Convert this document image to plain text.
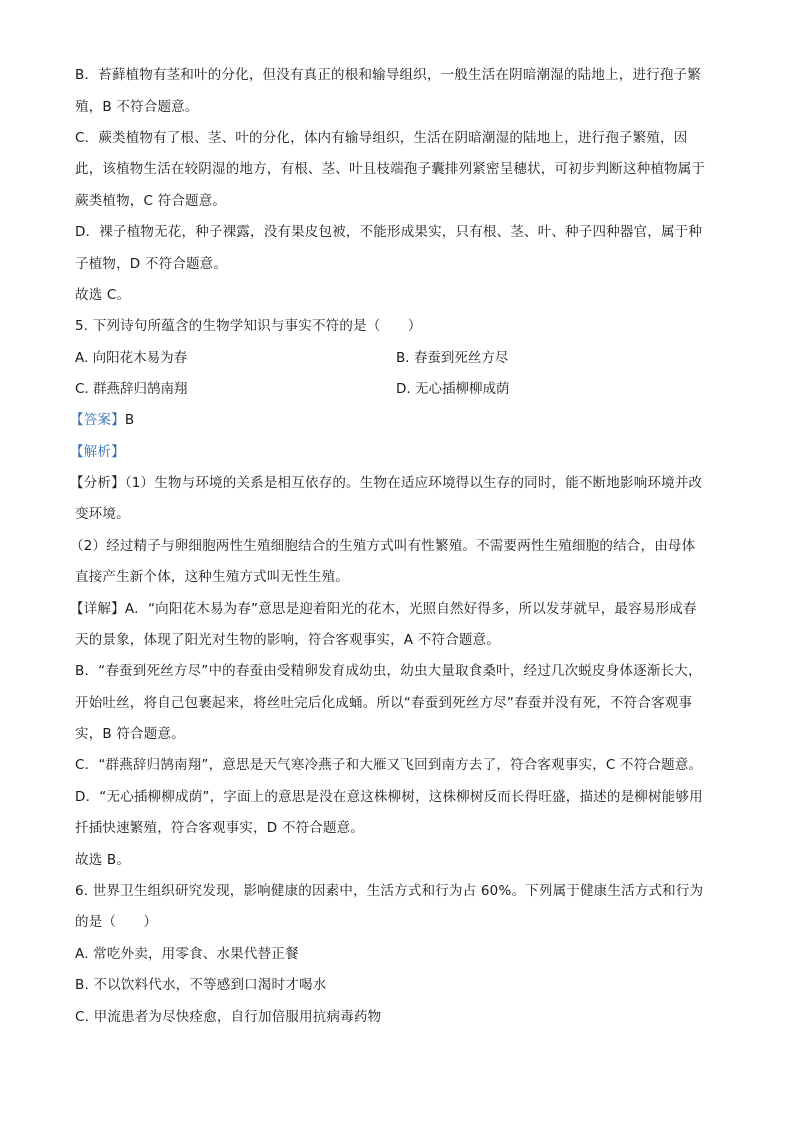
B．苔藓植物有茎和叶的分化，但没有真正的根和输导组织，一般生活在阴暗潮湿的陆地上，进行孢子繁
殖，B 不符合题意。
C．蕨类植物有了根、茎、叶的分化，体内有输导组织，生活在阴暗潮湿的陆地上，进行孢子繁殖，因
此，该植物生活在较阴湿的地方，有根、茎、叶且枝端孢子囊排列紧密呈穗状，可初步判断这种植物属于
蕨类植物，C 符合题意。
D．裸子植物无花，种子裸露，没有果皮包被，不能形成果实，只有根、茎、叶、种子四种器官，属于种
子植物，D 不符合题意。
故选 C。
5. 下列诗句所蕴含的生物学知识与事实不符的是（　　）
A. 向阳花木易为春	B. 春蚕到死丝方尽
C. 群燕辞归鹄南翔	D. 无心插柳柳成荫
【答案】B
【解析】
【分析】（1）生物与环境的关系是相互依存的。生物在适应环境得以生存的同时，能不断地影响环境并改
变环境。
（2）经过精子与卵细胞两性生殖细胞结合的生殖方式叫有性繁殖。不需要两性生殖细胞的结合，由母体
直接产生新个体，这种生殖方式叫无性生殖。
【详解】A．“向阳花木易为春”意思是迎着阳光的花木，光照自然好得多，所以发芽就早，最容易形成春
天的景象，体现了阳光对生物的影响，符合客观事实，A 不符合题意。
B．“春蚕到死丝方尽”中的春蚕由受精卵发育成幼虫，幼虫大量取食桑叶，经过几次蜕皮身体逐渐长大，
开始吐丝，将自己包裹起来，将丝吐完后化成蛹。所以“春蚕到死丝方尽”春蚕并没有死，不符合客观事
实，B 符合题意。
C．“群燕辞归鹄南翔”，意思是天气寒冷燕子和大雁又飞回到南方去了，符合客观事实，C 不符合题意。
D．“无心插柳柳成荫”，字面上的意思是没在意这株柳树，这株柳树反而长得旺盛，描述的是柳树能够用
扦插快速繁殖，符合客观事实，D 不符合题意。
故选 B。
6. 世界卫生组织研究发现，影响健康的因素中，生活方式和行为占 60%。下列属于健康生活方式和行为
的是（　　）
A. 常吃外卖，用零食、水果代替正餐
B. 不以饮料代水，不等感到口渴时才喝水
C. 甲流患者为尽快痊愈，自行加倍服用抗病毒药物
